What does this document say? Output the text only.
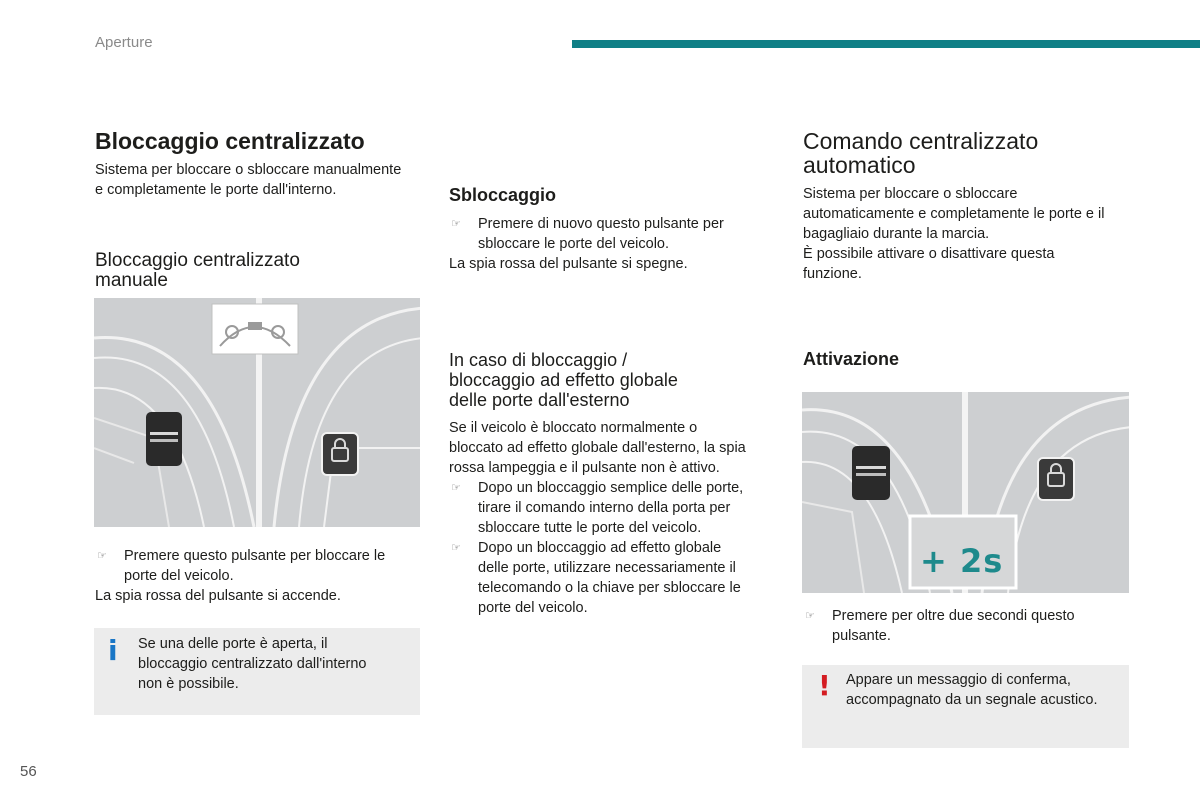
Aperture
Bloccaggio centralizzato

Sistema per bloccare o sbloccare manualmente

e completamente le porte dall'interno.

Bloccaggio centralizzato
manuale
☞ Premere questo pulsante per bloccare le
porte del veicolo.

La spia rossa del pulsante si accende.

i Se una delle porte è aperta, il
bloccaggio centralizzato dall'interno
non è possibile.
Sbloccaggio
☞ Premere di nuovo questo pulsante per
sbloccare le porte del veicolo.

La spia rossa del pulsante si spegne.

In caso di bloccaggio /
bloccaggio ad effetto globale
delle porte dall'esterno

Se il veicolo è bloccato normalmente o

bloccato ad effetto globale dall'esterno, la spia

rossa lampeggia e il pulsante non è attivo.

☞ Dopo un bloccaggio semplice delle porte,
tirare il comando interno della porta per
sbloccare tutte le porte del veicolo.
☞ Dopo un bloccaggio ad effetto globale
delle porte, utilizzare necessariamente il
telecomando o la chiave per sbloccare le
porte del veicolo.
Comando centralizzato
automatico

Sistema per bloccare o sbloccare

automaticamente e completamente le porte e il

bagagliaio durante la marcia.

È possibile attivare o disattivare questa

funzione.

Attivazione
+ 2s
☞ Premere per oltre due secondi questo
pulsante.
! Appare un messaggio di conferma,
accompagnato da un segnale acustico.
56
